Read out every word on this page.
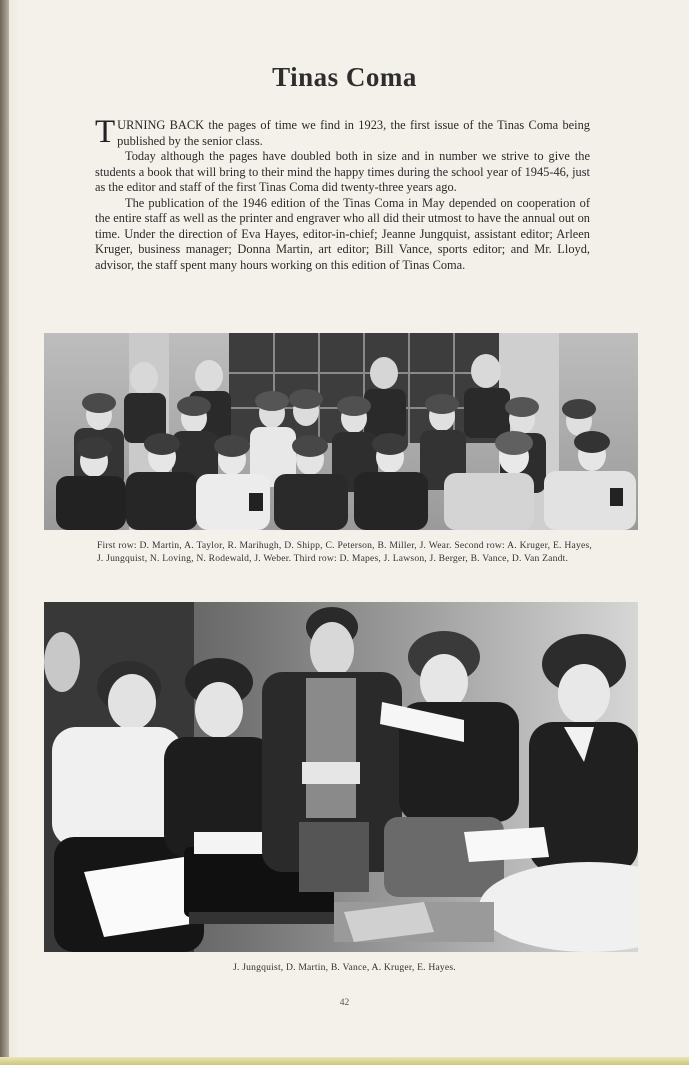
Tinas Coma

TURNING BACK the pages of time we find in 1923, the first issue of the Tinas Coma being published by the senior class.

Today although the pages have doubled both in size and in number we strive to give the students a book that will bring to their mind the happy times during the school year of 1945-46, just as the editor and staff of the first Tinas Coma did twenty-three years ago.

The publication of the 1946 edition of the Tinas Coma in May depended on cooperation of the entire staff as well as the printer and engraver who all did their utmost to have the annual out on time. Under the direction of Eva Hayes, editor-in-chief; Jeanne Jungquist, assistant editor; Arleen Kruger, business manager; Donna Martin, art editor; Bill Vance, sports editor; and Mr. Lloyd, advisor, the staff spent many hours working on this edition of Tinas Coma.

First row: D. Martin, A. Taylor, R. Marihugh, D. Shipp, C. Peterson, B. Miller, J. Wear. Second row: A. Kruger, E. Hayes, J. Jungquist, N. Loving, N. Rodewald, J. Weber. Third row: D. Mapes, J. Lawson, J. Berger, B. Vance, D. Van Zandt.
J. Jungquist, D. Martin, B. Vance, A. Kruger, E. Hayes.
42
